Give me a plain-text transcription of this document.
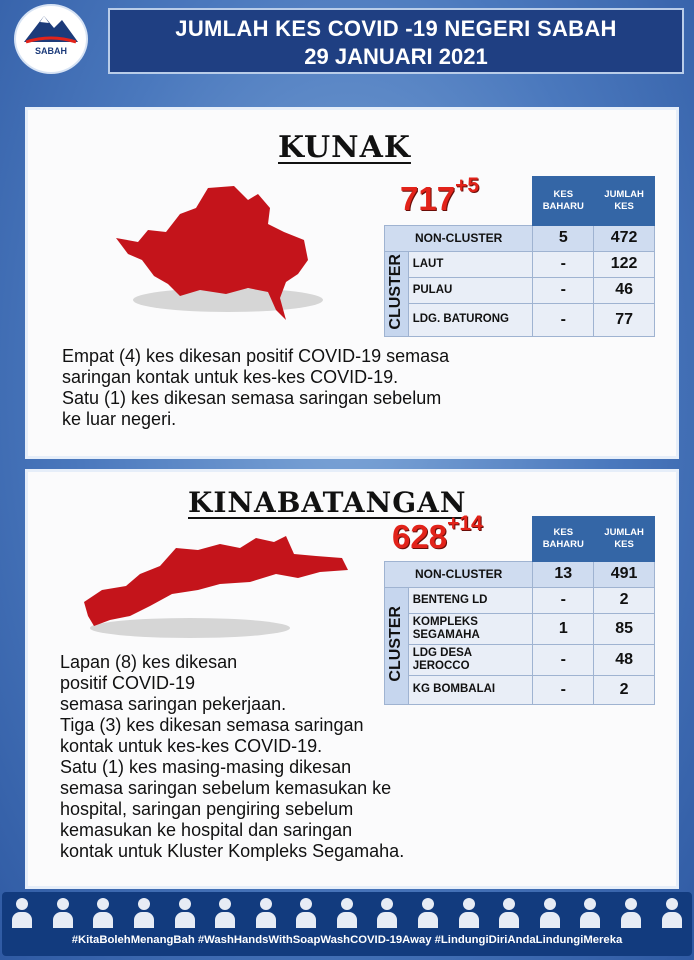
SABAH
JUMLAH KES COVID -19 NEGERI SABAH
29 JANUARI 2021
KUNAK
$717^{+5}$
		KES BAHARU	JUMLAH KES
NON-CLUSTER		5	472
CLUSTER	LAUT	-	122
	PULAU	-	46
	LDG. BATURONG	-	77
Empat (4) kes dikesan positif COVID-19 semasa
saringan kontak untuk kes-kes COVID-19.
Satu (1) kes dikesan semasa saringan sebelum
ke luar negeri.
KINABATANGAN
$628^{+14}$
		KES BAHARU	JUMLAH KES
NON-CLUSTER		13	491
CLUSTER	BENTENG LD	-	2
	KOMPLEKS SEGAMAHA	1	85
	LDG DESA JEROCCO	-	48
	KG BOMBALAI	-	2
Lapan (8) kes dikesan
positif COVID-19
semasa saringan pekerjaan.
Tiga (3) kes dikesan semasa saringan
kontak untuk kes-kes COVID-19.
Satu (1) kes masing-masing dikesan
semasa saringan sebelum kemasukan ke
hospital, saringan pengiring sebelum
kemasukan ke hospital dan saringan
kontak untuk Kluster Kompleks Segamaha.
#KitaBolehMenangBah #WashHandsWithSoapWashCOVID-19Away #LindungiDiriAndaLindungiMereka
